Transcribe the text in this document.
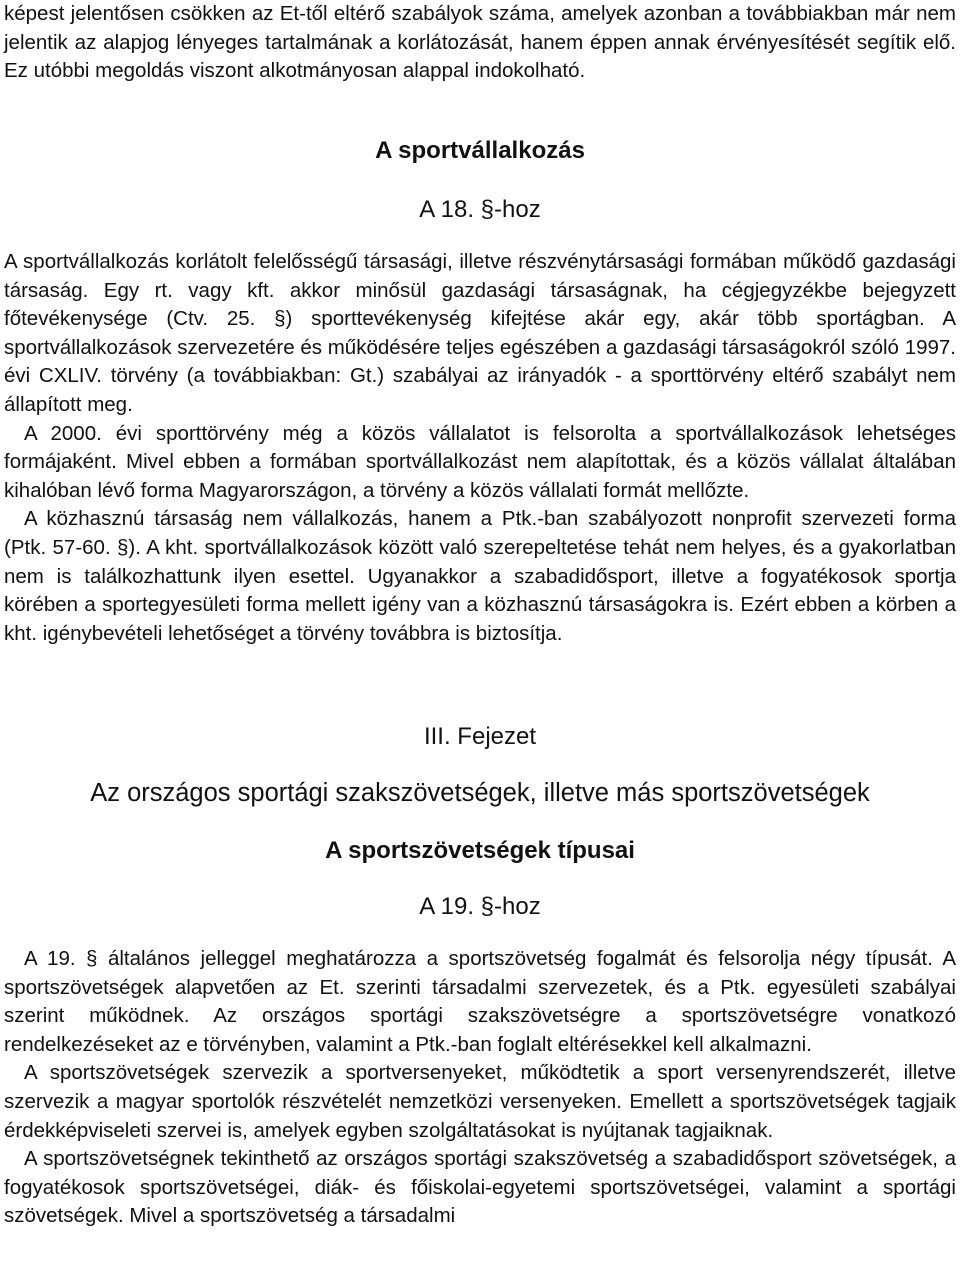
képest jelentősen csökken az Et-től eltérő szabályok száma, amelyek azonban a továbbiakban már nem jelentik az alapjog lényeges tartalmának a korlátozását, hanem éppen annak érvényesítését segítik elő. Ez utóbbi megoldás viszont alkotmányosan alappal indokolható.

A sportvállalkozás
A 18. §-hoz

A sportvállalkozás korlátolt felelősségű társasági, illetve részvénytársasági formában működő gazdasági társaság. Egy rt. vagy kft. akkor minősül gazdasági társaságnak, ha cégjegyzékbe bejegyzett főtevékenysége (Ctv. 25. §) sporttevékenység kifejtése akár egy, akár több sportágban. A sportvállalkozások szervezetére és működésére teljes egészében a gazdasági társaságokról szóló 1997. évi CXLIV. törvény (a továbbiakban: Gt.) szabályai az irányadók - a sporttörvény eltérő szabályt nem állapított meg.

A 2000. évi sporttörvény még a közös vállalatot is felsorolta a sportvállalkozások lehetséges formájaként. Mivel ebben a formában sportvállalkozást nem alapítottak, és a közös vállalat általában kihalóban lévő forma Magyarországon, a törvény a közös vállalati formát mellőzte.

A közhasznú társaság nem vállalkozás, hanem a Ptk.-ban szabályozott nonprofit szervezeti forma (Ptk. 57-60. §). A kht. sportvállalkozások között való szerepeltetése tehát nem helyes, és a gyakorlatban nem is találkozhattunk ilyen esettel. Ugyanakkor a szabadidősport, illetve a fogyatékosok sportja körében a sportegyesületi forma mellett igény van a közhasznú társaságokra is. Ezért ebben a körben a kht. igénybevételi lehetőséget a törvény továbbra is biztosítja.

III. Fejezet
Az országos sportági szakszövetségek, illetve más sportszövetségek
A sportszövetségek típusai
A 19. §-hoz

A 19. § általános jelleggel meghatározza a sportszövetség fogalmát és felsorolja négy típusát. A sportszövetségek alapvetően az Et. szerinti társadalmi szervezetek, és a Ptk. egyesületi szabályai szerint működnek. Az országos sportági szakszövetségre a sportszövetségre vonatkozó rendelkezéseket az e törvényben, valamint a Ptk.-ban foglalt eltérésekkel kell alkalmazni.

A sportszövetségek szervezik a sportversenyeket, működtetik a sport versenyrendszerét, illetve szervezik a magyar sportolók részvételét nemzetközi versenyeken. Emellett a sportszövetségek tagjaik érdekképviseleti szervei is, amelyek egyben szolgáltatásokat is nyújtanak tagjaiknak.

A sportszövetségnek tekinthető az országos sportági szakszövetség a szabadidősport szövetségek, a fogyatékosok sportszövetségei, diák- és főiskolai-egyetemi sportszövetségei, valamint a sportági szövetségek. Mivel a sportszövetség a társadalmi
